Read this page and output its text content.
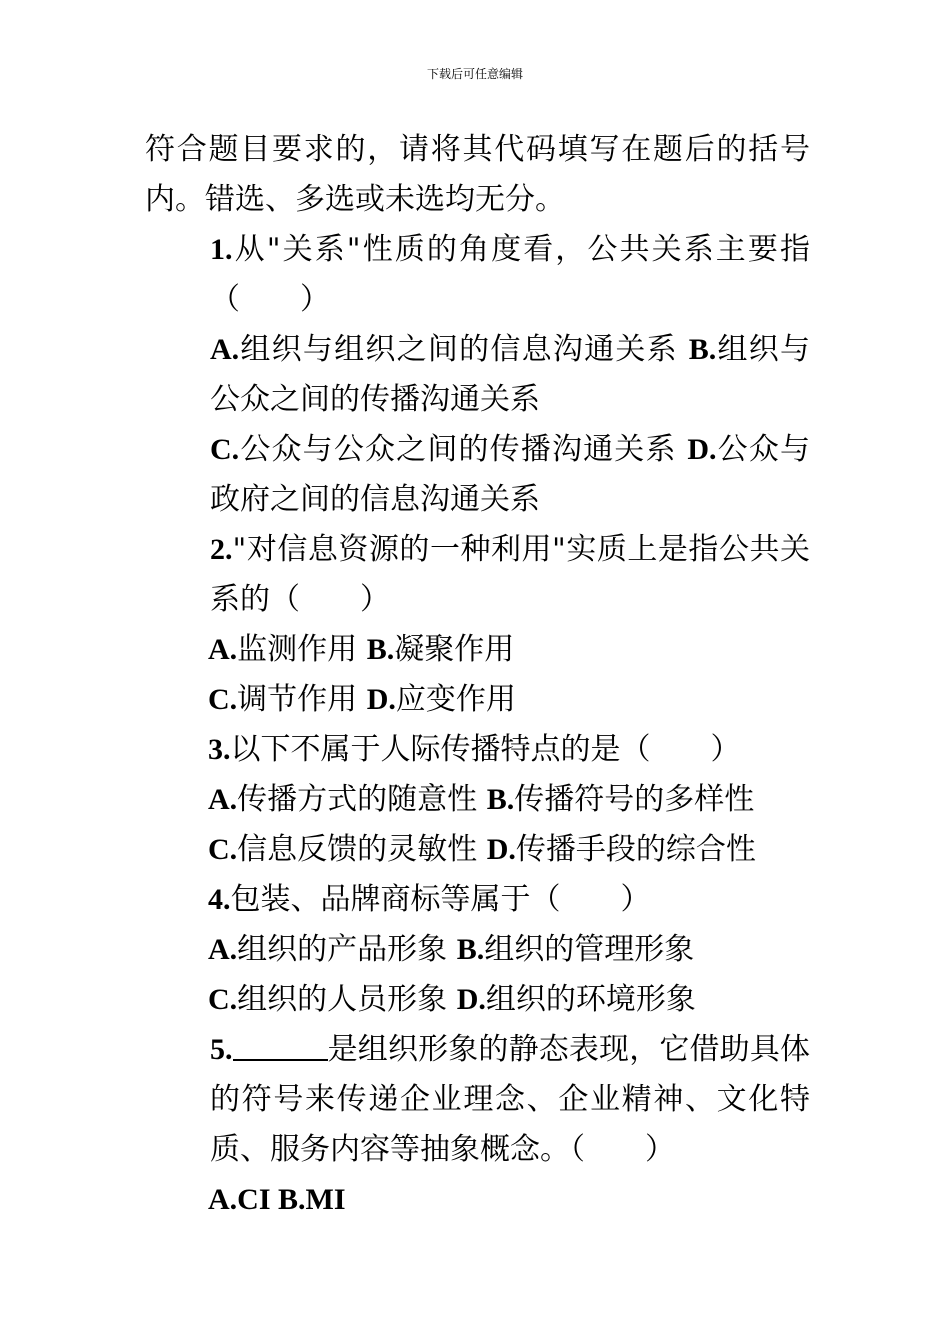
下载后可任意编辑

符合题目要求的，请将其代码填写在题后的括号内。错选、多选或未选均无分。

1.从"关系"性质的角度看，公共关系主要指（　　）

A.组织与组织之间的信息沟通关系 B.组织与公众之间的传播沟通关系

C.公众与公众之间的传播沟通关系 D.公众与政府之间的信息沟通关系

2."对信息资源的一种利用"实质上是指公共关系的（　　）

A.监测作用 B.凝聚作用

C.调节作用 D.应变作用

3.以下不属于人际传播特点的是（　　）

A.传播方式的随意性 B.传播符号的多样性

C.信息反馈的灵敏性 D.传播手段的综合性

4.包装、品牌商标等属于（　　）

A.组织的产品形象 B.组织的管理形象

C.组织的人员形象 D.组织的环境形象

5.	是组织形象的静态表现，它借助具体的符号来传递企业理念、企业精神、文化特质、服务内容等抽象概念。（　　）

A.CI B.MI
